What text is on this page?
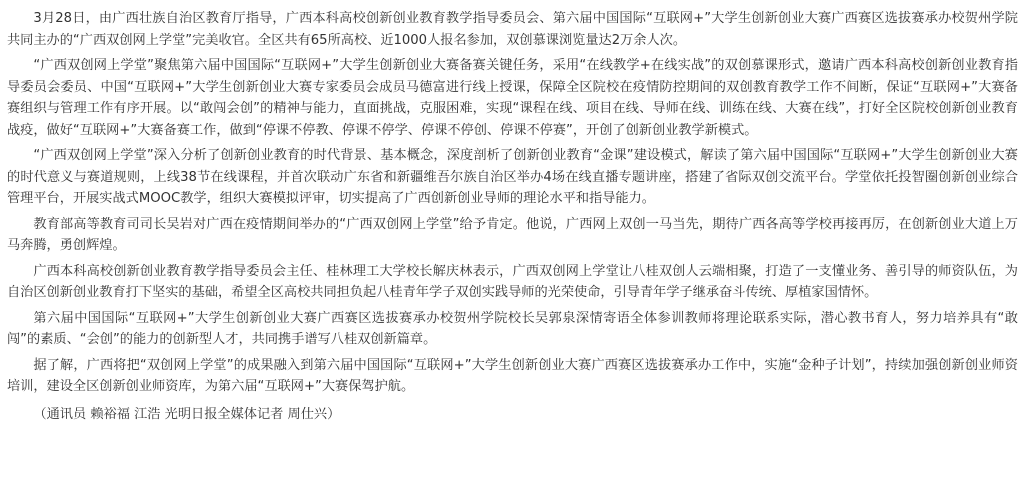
3月28日，由广西壮族自治区教育厅指导，广西本科高校创新创业教育教学指导委员会、第六届中国国际“互联网+”大学生创新创业大赛广西赛区选拔赛承办校贺州学院共同主办的“广西双创网上学堂”完美收官。全区共有65所高校、近1000人报名参加，双创慕课浏览量达2万余人次。

“广西双创网上学堂”聚焦第六届中国国际“互联网+”大学生创新创业大赛备赛关键任务，采用“在线教学+在线实战”的双创慕课形式，邀请广西本科高校创新创业教育指导委员会委员、中国“互联网+”大学生创新创业大赛专家委员会成员马德富进行线上授课，保障全区院校在疫情防控期间的双创教育教学工作不间断，保证“互联网+”大赛备赛组织与管理工作有序开展。以“敢闯会创”的精神与能力，直面挑战，克服困难，实现“课程在线、项目在线、导师在线、训练在线、大赛在线”，打好全区院校创新创业教育战疫，做好“互联网+”大赛备赛工作，做到“停课不停教、停课不停学、停课不停创、停课不停赛”，开创了创新创业教学新模式。

“广西双创网上学堂”深入分析了创新创业教育的时代背景、基本概念，深度剖析了创新创业教育“金课”建设模式，解读了第六届中国国际“互联网+”大学生创新创业大赛的时代意义与赛道规则，上线38节在线课程，并首次联动广东省和新疆维吾尔族自治区举办4场在线直播专题讲座，搭建了省际双创交流平台。学堂依托投智圈创新创业综合管理平台，开展实战式MOOC教学，组织大赛模拟评审，切实提高了广西创新创业导师的理论水平和指导能力。

教育部高等教育司司长吴岩对广西在疫情期间举办的“广西双创网上学堂”给予肯定。他说，广西网上双创一马当先，期待广西各高等学校再接再厉，在创新创业大道上万马奔腾，勇创辉煌。

广西本科高校创新创业教育教学指导委员会主任、桂林理工大学校长解庆林表示，广西双创网上学堂让八桂双创人云端相聚，打造了一支懂业务、善引导的师资队伍，为自治区创新创业教育打下坚实的基础，希望全区高校共同担负起八桂青年学子双创实践导师的光荣使命，引导青年学子继承奋斗传统、厚植家国情怀。

第六届中国国际“互联网+”大学生创新创业大赛广西赛区选拔赛承办校贺州学院校长吴郭泉深情寄语全体参训教师将理论联系实际，潜心教书育人，努力培养具有“敢闯”的素质、“会创”的能力的创新型人才，共同携手谱写八桂双创新篇章。

据了解，广西将把“双创网上学堂”的成果融入到第六届中国国际“互联网+”大学生创新创业大赛广西赛区选拔赛承办工作中，实施“金种子计划”，持续加强创新创业师资培训，建设全区创新创业师资库，为第六届“互联网+”大赛保驾护航。

（通讯员 赖裕福 江浩 光明日报全媒体记者 周仕兴）
